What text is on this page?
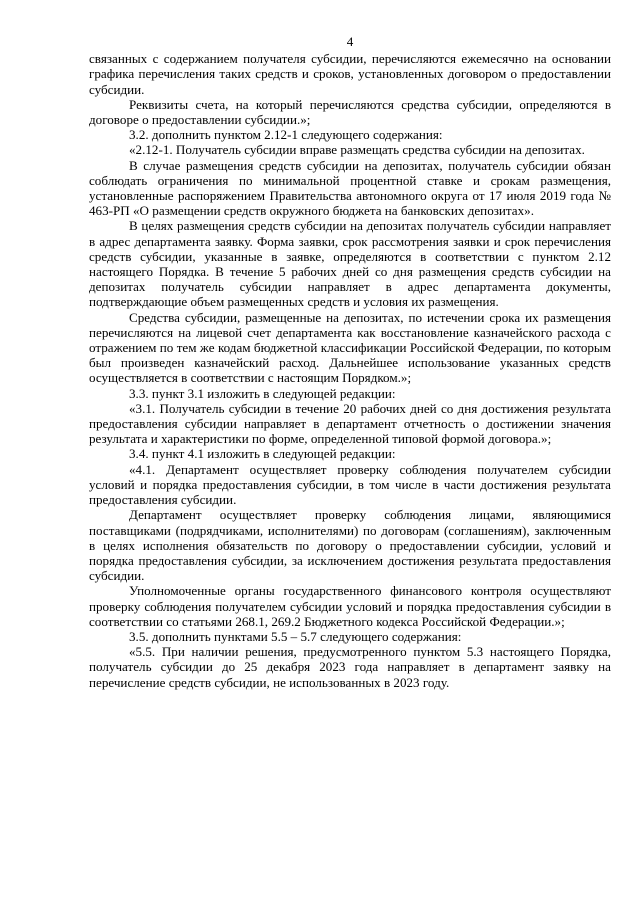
4

связанных с содержанием получателя субсидии, перечисляются ежемесячно на основании графика перечисления таких средств и сроков, установленных договором о предоставлении субсидии.

Реквизиты счета, на который перечисляются средства субсидии, определяются в договоре о предоставлении субсидии.»;

3.2. дополнить пунктом 2.12-1 следующего содержания:

«2.12-1. Получатель субсидии вправе размещать средства субсидии на депозитах.

В случае размещения средств субсидии на депозитах, получатель субсидии обязан соблюдать ограничения по минимальной процентной ставке и срокам размещения, установленные распоряжением Правительства автономного округа от 17 июля 2019 года № 463-РП «О размещении средств окружного бюджета на банковских депозитах».

В целях размещения средств субсидии на депозитах получатель субсидии направляет в адрес департамента заявку. Форма заявки, срок рассмотрения заявки и срок перечисления средств субсидии, указанные в заявке, определяются в соответствии с пунктом 2.12 настоящего Порядка. В течение 5 рабочих дней со дня размещения средств субсидии на депозитах получатель субсидии направляет в адрес департамента документы, подтверждающие объем размещенных средств и условия их размещения.

Средства субсидии, размещенные на депозитах, по истечении срока их размещения перечисляются на лицевой счет департамента как восстановление казначейского расхода с отражением по тем же кодам бюджетной классификации Российской Федерации, по которым был произведен казначейский расход. Дальнейшее использование указанных средств осуществляется в соответствии с настоящим Порядком.»;

3.3. пункт 3.1 изложить в следующей редакции:

«3.1. Получатель субсидии в течение 20 рабочих дней со дня достижения результата предоставления субсидии направляет в департамент отчетность о достижении значения результата и характеристики по форме, определенной типовой формой договора.»;

3.4. пункт 4.1 изложить в следующей редакции:

«4.1. Департамент осуществляет проверку соблюдения получателем субсидии условий и порядка предоставления субсидии, в том числе в части достижения результата предоставления субсидии.

Департамент осуществляет проверку соблюдения лицами, являющимися поставщиками (подрядчиками, исполнителями) по договорам (соглашениям), заключенным в целях исполнения обязательств по договору о предоставлении субсидии, условий и порядка предоставления субсидии, за исключением достижения результата предоставления субсидии.

Уполномоченные органы государственного финансового контроля осуществляют проверку соблюдения получателем субсидии условий и порядка предоставления субсидии в соответствии со статьями 268.1, 269.2 Бюджетного кодекса Российской Федерации.»;

3.5. дополнить пунктами 5.5 – 5.7 следующего содержания:

«5.5. При наличии решения, предусмотренного пунктом 5.3 настоящего Порядка, получатель субсидии до 25 декабря 2023 года направляет в департамент заявку на перечисление средств субсидии, не использованных в 2023 году.
